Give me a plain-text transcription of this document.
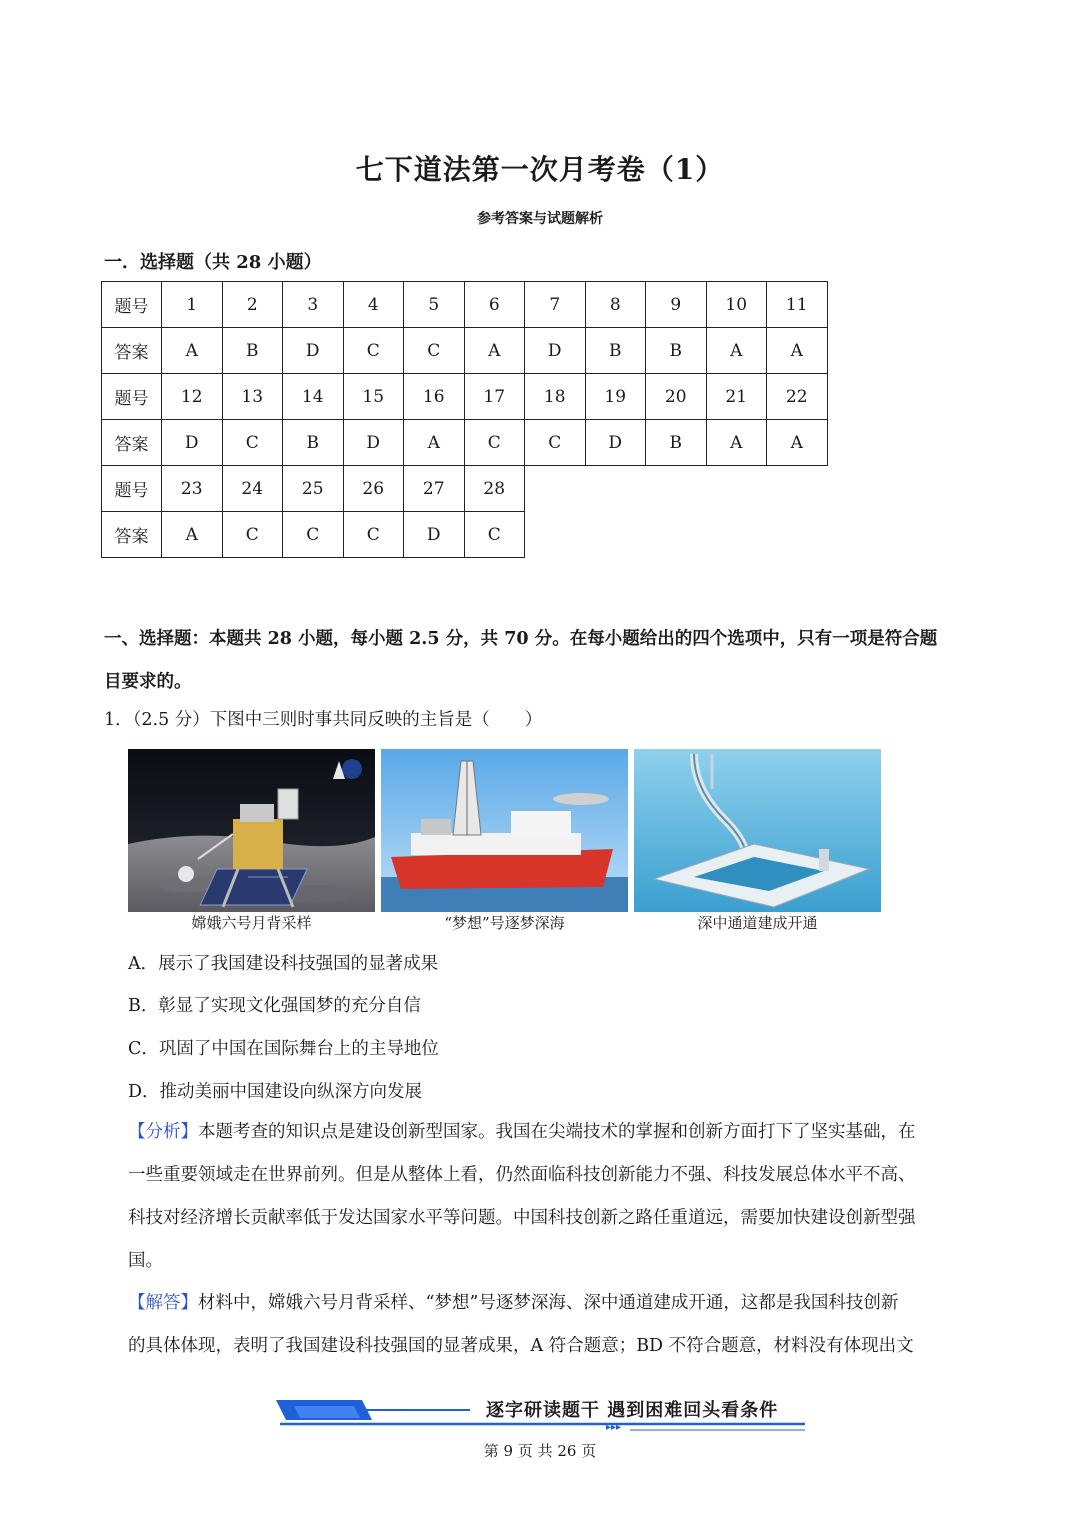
七下道法第一次月考卷（1）
参考答案与试题解析
一．选择题（共 28 小题）
题号	1	2	3	4	5	6	7	8	9	10	11
答案	A	B	D	C	C	A	D	B	B	A	A
题号	12	13	14	15	16	17	18	19	20	21	22
答案	D	C	B	D	A	C	C	D	B	A	A
题号	23	24	25	26	27	28					
答案	A	C	C	C	D	C					
一、选择题：本题共 28 小题，每小题 2.5 分，共 70 分。在每小题给出的四个选项中，只有一项是符合题
目要求的。
1．（2.5 分）下图中三则时事共同反映的主旨是（　　）
嫦娥六号月背采样	“梦想”号逐梦深海	深中通道建成开通
A．展示了我国建设科技强国的显著成果
B．彰显了实现文化强国梦的充分自信
C．巩固了中国在国际舞台上的主导地位
D．推动美丽中国建设向纵深方向发展
【分析】本题考查的知识点是建设创新型国家。我国在尖端技术的掌握和创新方面打下了坚实基础，在
一些重要领域走在世界前列。但是从整体上看，仍然面临科技创新能力不强、科技发展总体水平不高、
科技对经济增长贡献率低于发达国家水平等问题。中国科技创新之路任重道远，需要加快建设创新型强
国。
【解答】材料中，嫦娥六号月背采样、“梦想”号逐梦深海、深中通道建成开通，这都是我国科技创新
的具体体现，表明了我国建设科技强国的显著成果，A 符合题意；BD 不符合题意，材料没有体现出文
逐字研读题干 遇到困难回头看条件
▸▸▸
第 9 页 共 26 页
